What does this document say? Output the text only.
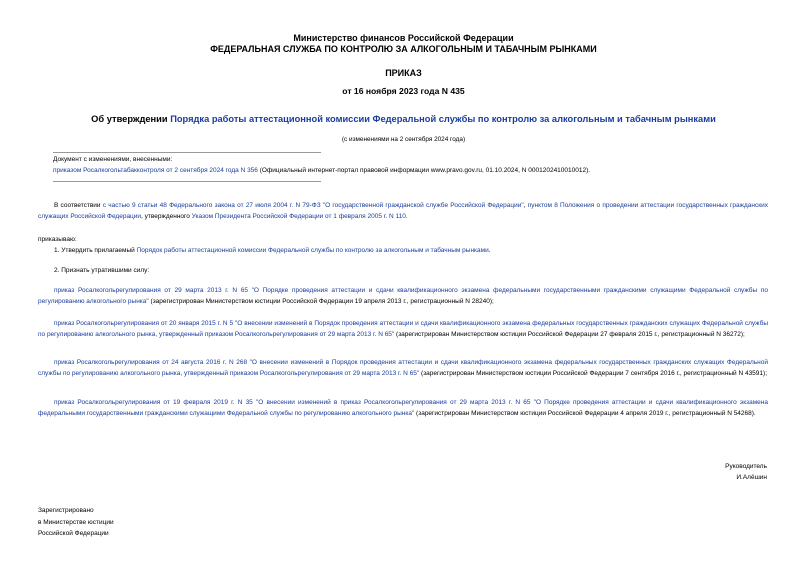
Министерство финансов Российской Федерации
ФЕДЕРАЛЬНАЯ СЛУЖБА ПО КОНТРОЛЮ ЗА АЛКОГОЛЬНЫМ И ТАБАЧНЫМ РЫНКАМИ
ПРИКАЗ
от 16 ноября 2023 года N 435
Об утверждении Порядка работы аттестационной комиссии Федеральной службы по контролю за алкогольным и табачным рынками
(с изменениями на 2 сентября 2024 года)
Документ с изменениями, внесенными:
приказом Росалкогольтабакконтроля от 2 сентября 2024 года N 356 (Официальный интернет-портал правовой информации www.pravo.gov.ru, 01.10.2024, N 0001202410010012).
В соответствии с частью 9 статьи 48 Федерального закона от 27 июля 2004 г. N 79-ФЗ "О государственной гражданской службе Российской Федерации", пунктом 8 Положения о проведении аттестации государственных гражданских служащих Российской Федерации, утвержденного Указом Президента Российской Федерации от 1 февраля 2005 г. N 110.
приказываю:
1. Утвердить прилагаемый Порядок работы аттестационной комиссии Федеральной службы по контролю за алкогольным и табачным рынками.
2. Признать утратившими силу:
приказ Росалкогольрегулирования от 29 марта 2013 г. N 65 "О Порядке проведения аттестации и сдачи квалификационного экзамена федеральными государственными гражданскими служащими Федеральной службы по регулированию алкогольного рынка" (зарегистрирован Министерством юстиции Российской Федерации 19 апреля 2013 г., регистрационный N 28240);
приказ Росалкогольрегулирования от 20 января 2015 г. N 5 "О внесении изменений в Порядок проведения аттестации и сдачи квалификационного экзамена федеральных государственных гражданских служащих Федеральной службы по регулированию алкогольного рынка, утвержденный приказом Росалкогольрегулирования от 29 марта 2013 г. N 65" (зарегистрирован Министерством юстиции Российской Федерации 27 февраля 2015 г., регистрационный N 36272);
приказ Росалкогольрегулирования от 24 августа 2016 г. N 268 "О внесении изменений в Порядок проведения аттестации и сдачи квалификационного экзамена федеральных государственных гражданских служащих Федеральной службы по регулированию алкогольного рынка, утвержденный приказом Росалкогольрегулирования от 29 марта 2013 г. N 65" (зарегистрирован Министерством юстиции Российской Федерации 7 сентября 2016 г., регистрационный N 43591);
приказ Росалкогольрегулирования от 19 февраля 2019 г. N 35 "О внесении изменений в приказ Росалкогольрегулирования от 29 марта 2013 г. N 65 "О Порядке проведения аттестации и сдачи квалификационного экзамена федеральными государственными гражданскими служащими Федеральной службы по регулированию алкогольного рынка" (зарегистрирован Министерством юстиции Российской Федерации 4 апреля 2019 г., регистрационный N 54268).
Руководитель
И.Алёшин
Зарегистрировано
в Министерстве юстиции
Российской Федерации
